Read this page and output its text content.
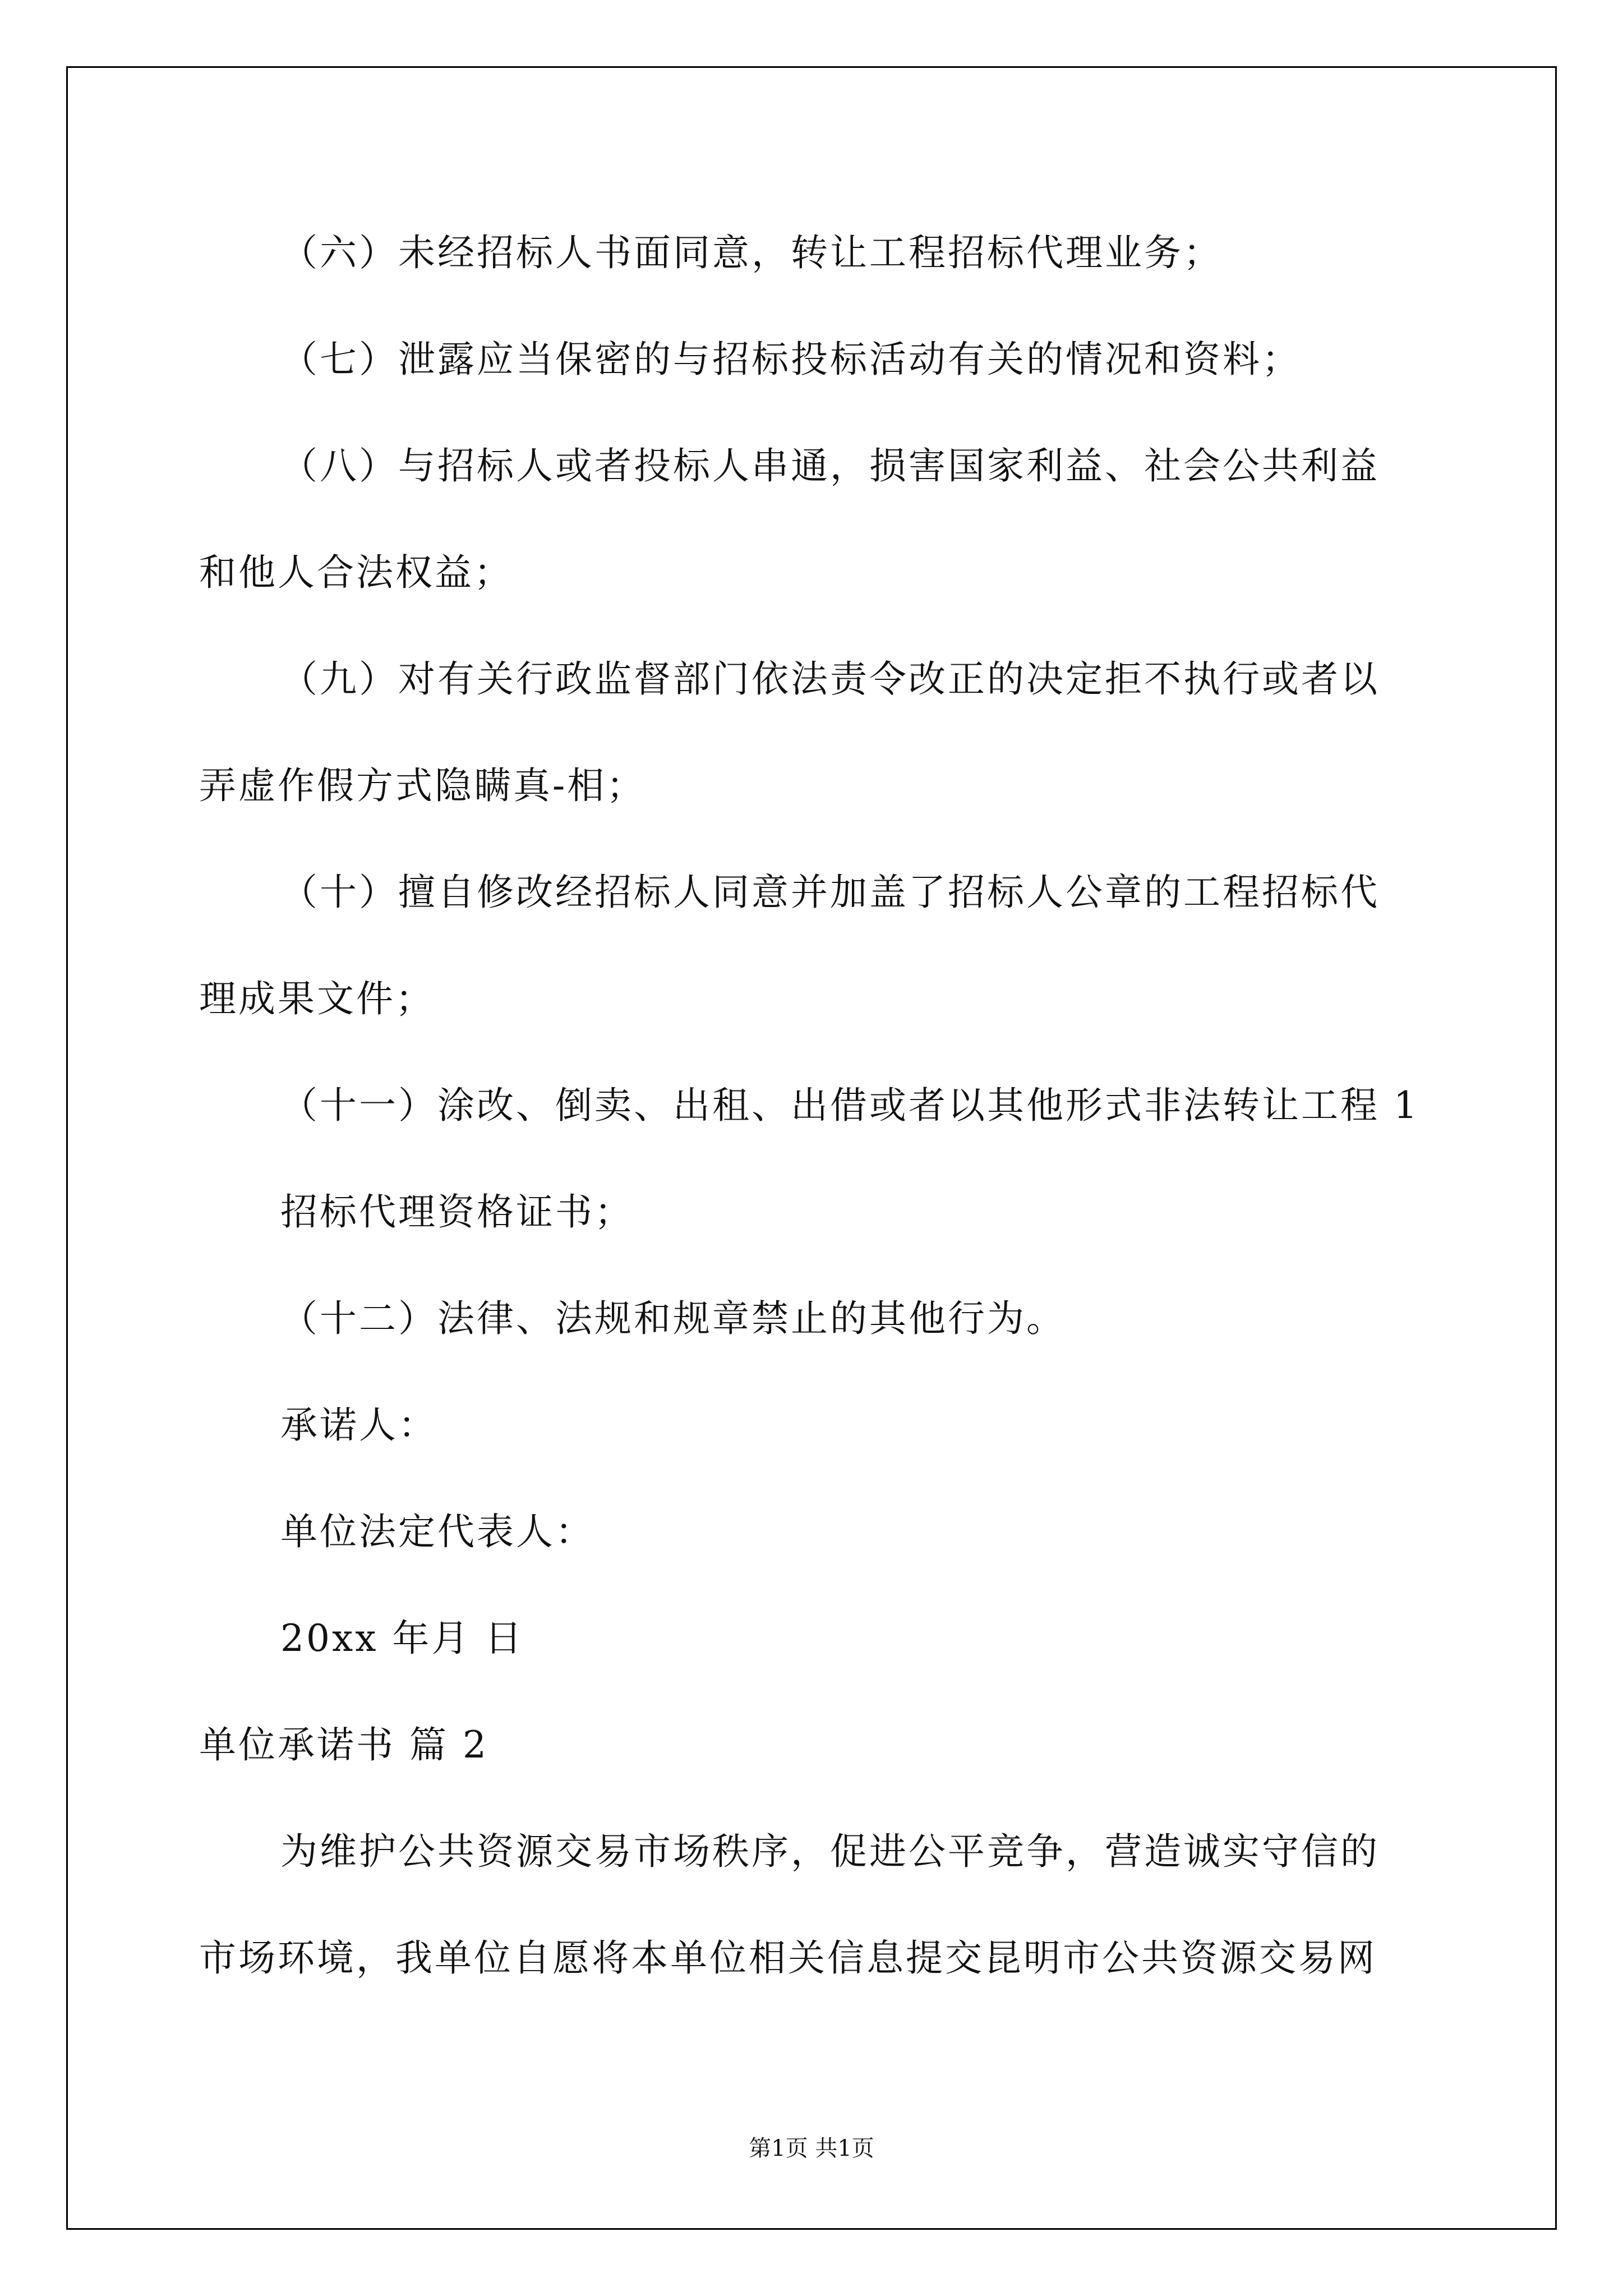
（六）未经招标人书面同意，转让工程招标代理业务；
（七）泄露应当保密的与招标投标活动有关的情况和资料；
（八）与招标人或者投标人串通，损害国家利益、社会公共利益
和他人合法权益；
（九）对有关行政监督部门依法责令改正的决定拒不执行或者以
弄虚作假方式隐瞒真-相；
（十）擅自修改经招标人同意并加盖了招标人公章的工程招标代
理成果文件；
（十一）涂改、倒卖、出租、出借或者以其他形式非法转让工程 1
招标代理资格证书；
（十二）法律、法规和规章禁止的其他行为。
承诺人：
单位法定代表人：
20xx 年月 日
单位承诺书 篇 2
为维护公共资源交易市场秩序，促进公平竞争，营造诚实守信的
市场环境，我单位自愿将本单位相关信息提交昆明市公共资源交易网
第1页 共1页
